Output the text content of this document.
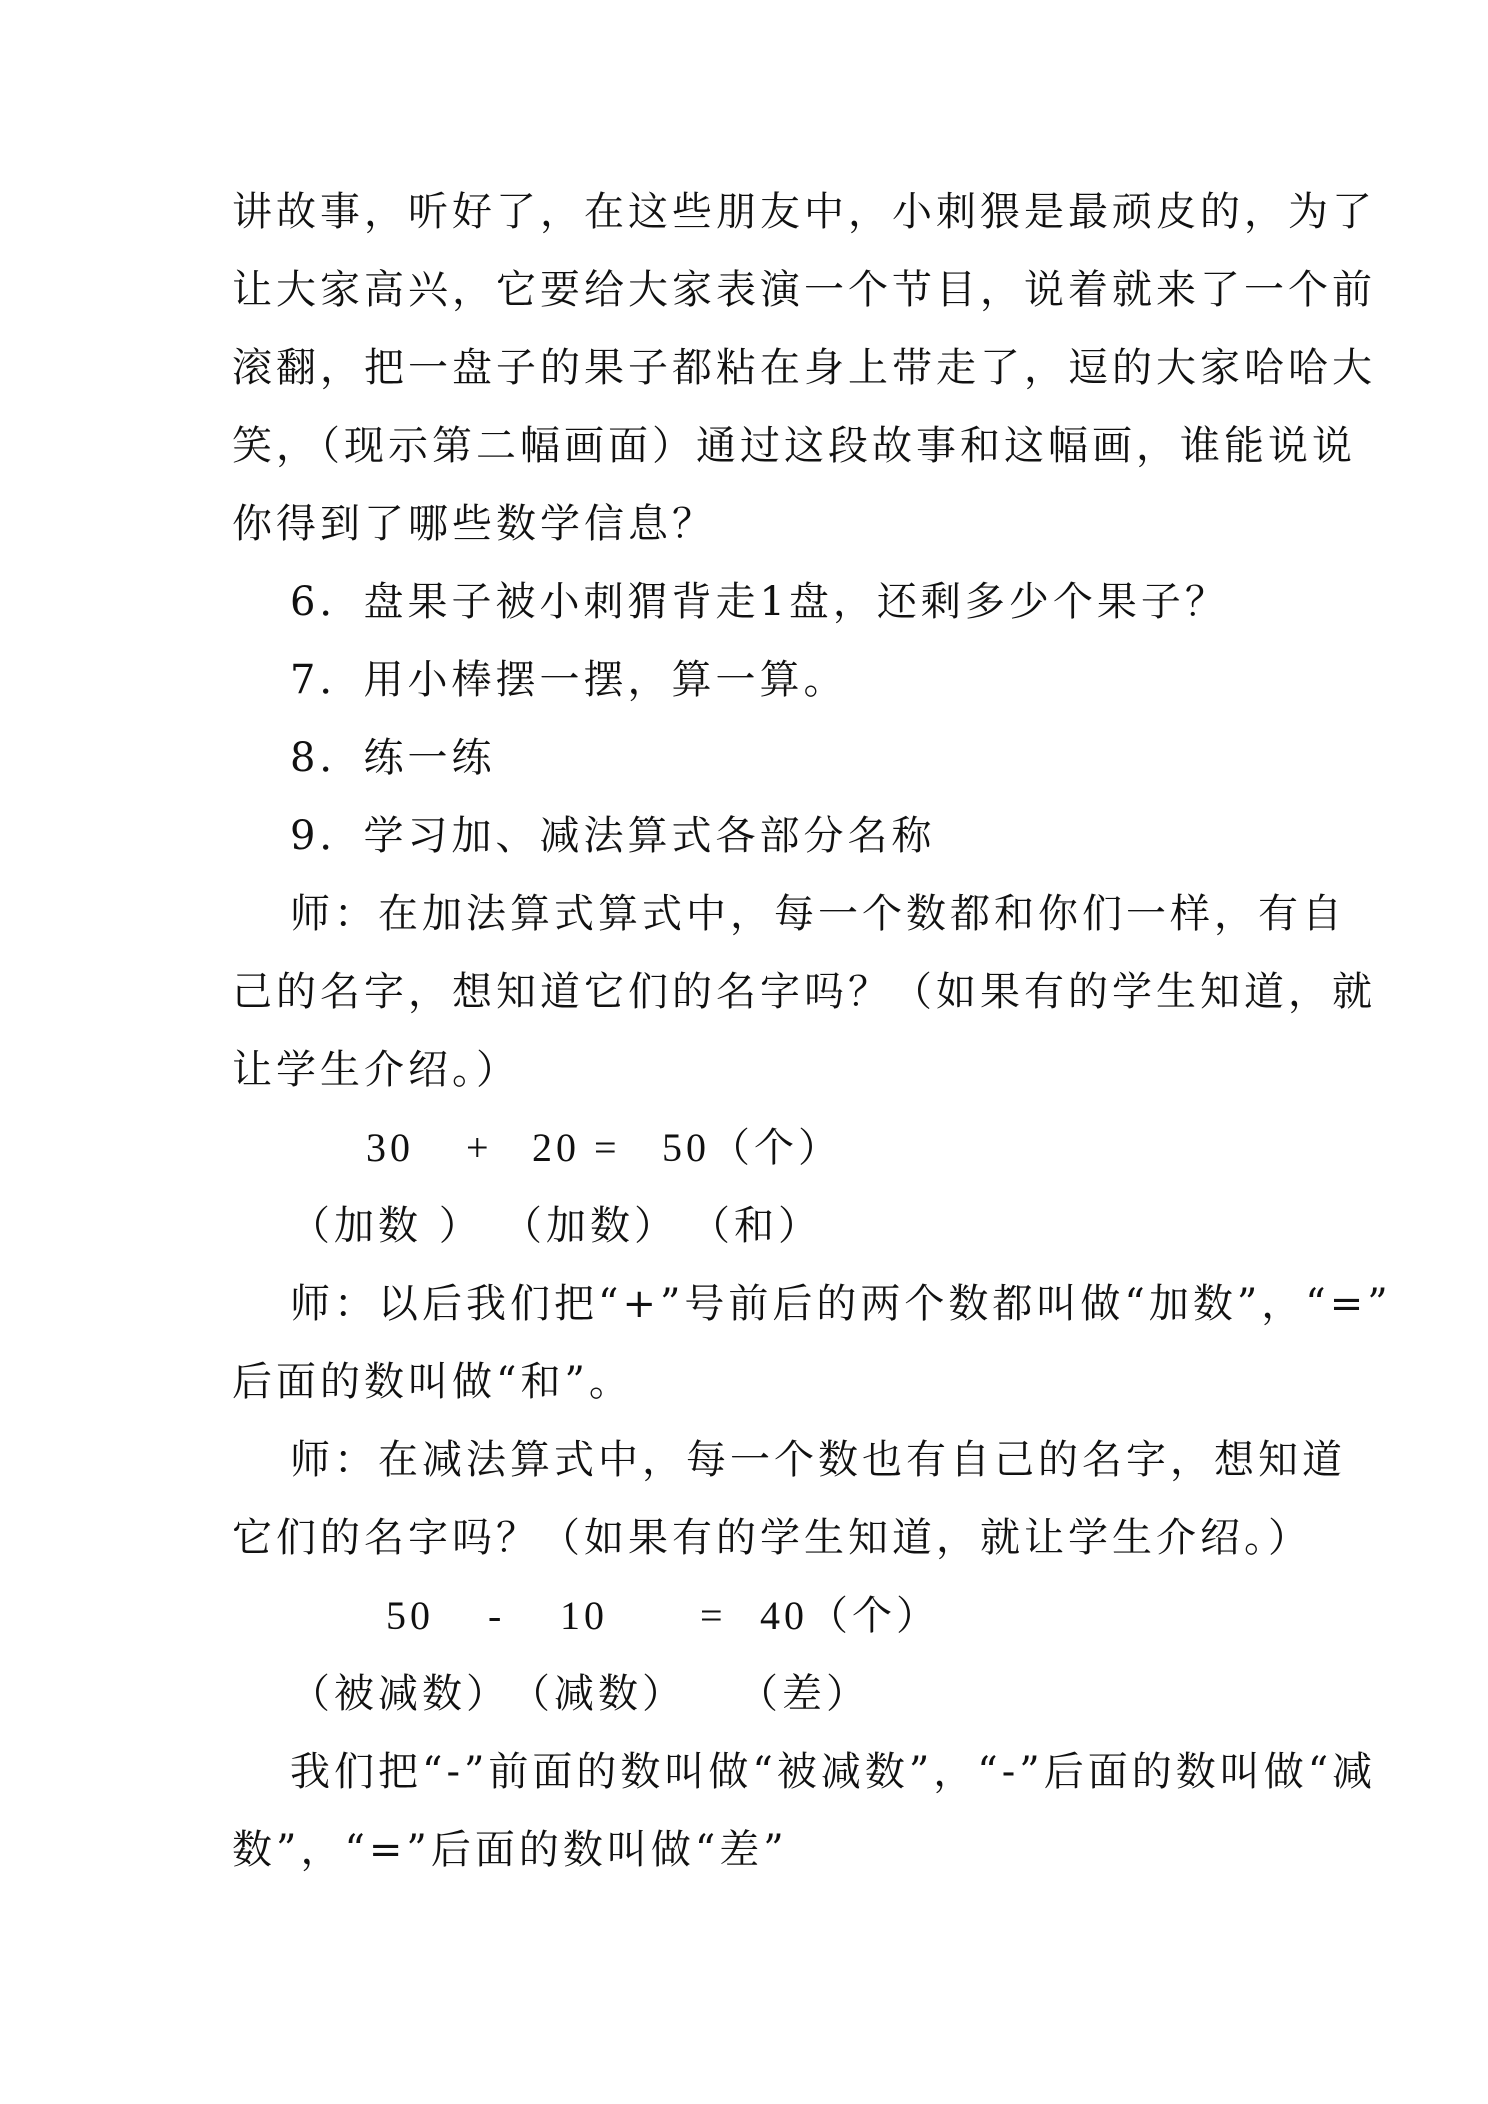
讲故事，听好了，在这些朋友中，小刺猥是最顽皮的，为了
让大家高兴，它要给大家表演一个节目，说着就来了一个前
滚翻，把一盘子的果子都粘在身上带走了，逗的大家哈哈大
笑，（现示第二幅画面）通过这段故事和这幅画，谁能说说
你得到了哪些数学信息？
6．盘果子被小刺猬背走1盘，还剩多少个果子？
7．用小棒摆一摆，算一算。
8．练一练
9．学习加、减法算式各部分名称
师：在加法算式算式中，每一个数都和你们一样，有自
己的名字，想知道它们的名字吗？（如果有的学生知道，就
让学生介绍。）
30 + 20 = 50（个）
（加数 ） （加数） （和）
师：以后我们把“+”号前后的两个数都叫做“加数”，“=”
后面的数叫做“和”。
师：在减法算式中，每一个数也有自己的名字，想知道
它们的名字吗？（如果有的学生知道，就让学生介绍。）
50 - 10 = 40（个）
（被减数） （减数） （差）
我们把“-”前面的数叫做“被减数”，“-”后面的数叫做“减
数”，“=”后面的数叫做“差”
